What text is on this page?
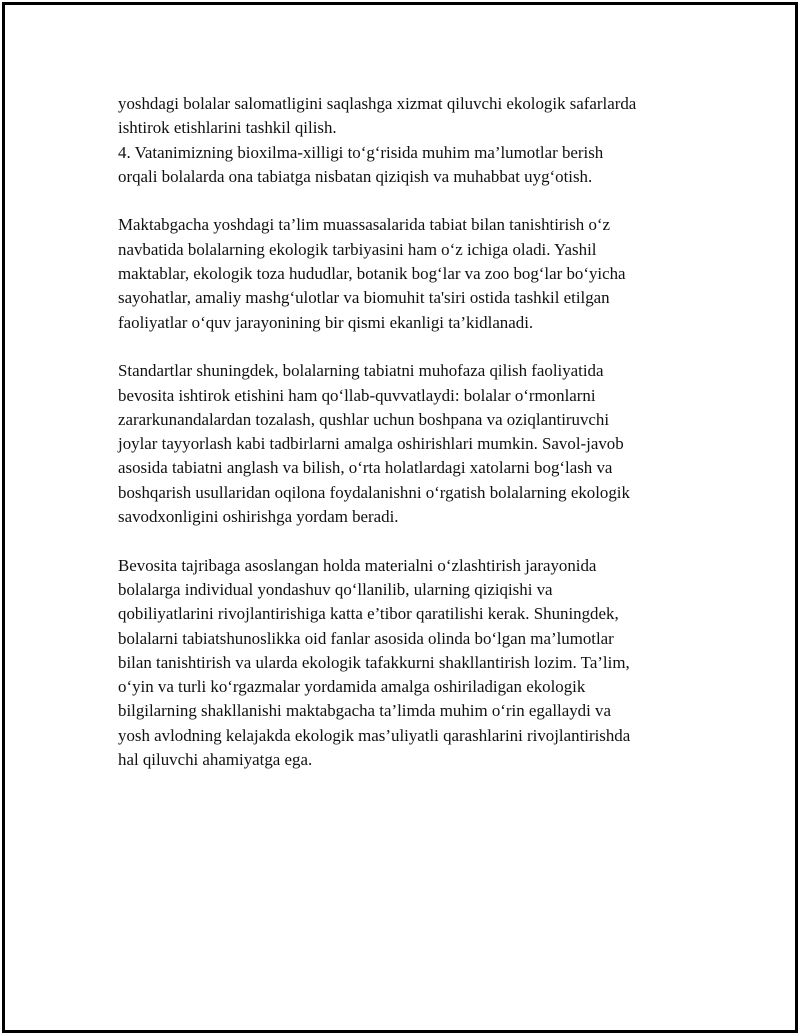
yoshdagi bolalar salomatligini saqlashga xizmat qiluvchi ekologik safarlarda
ishtirok etishlarini tashkil qilish.
4. Vatanimizning bioxilma-xilligi to‘g‘risida muhim ma’lumotlar berish
orqali bolalarda ona tabiatga nisbatan qiziqish va muhabbat uyg‘otish.
Maktabgacha yoshdagi ta’lim muassasalarida tabiat bilan tanishtirish o‘z
navbatida bolalarning ekologik tarbiyasini ham o‘z ichiga oladi. Yashil
maktablar, ekologik toza hududlar, botanik bog‘lar va zoo bog‘lar bo‘yicha
sayohatlar, amaliy mashg‘ulotlar va biomuhit ta'siri ostida tashkil etilgan
faoliyatlar o‘quv jarayonining bir qismi ekanligi ta’kidlanadi.
Standartlar shuningdek, bolalarning tabiatni muhofaza qilish faoliyatida
bevosita ishtirok etishini ham qo‘llab-quvvatlaydi: bolalar o‘rmonlarni
zararkunandalardan tozalash, qushlar uchun boshpana va oziqlantiruvchi
joylar tayyorlash kabi tadbirlarni amalga oshirishlari mumkin. Savol-javob
asosida tabiatni anglash va bilish, o‘rta holatlardagi xatolarni bog‘lash va
boshqarish usullaridan oqilona foydalanishni o‘rgatish bolalarning ekologik
savodxonligini oshirishga yordam beradi.
Bevosita tajribaga asoslangan holda materialni o‘zlashtirish jarayonida
bolalarga individual yondashuv qo‘llanilib, ularning qiziqishi va
qobiliyatlarini rivojlantirishiga katta e’tibor qaratilishi kerak. Shuningdek,
bolalarni tabiatshunoslikka oid fanlar asosida olinda bo‘lgan ma’lumotlar
bilan tanishtirish va ularda ekologik tafakkurni shakllantirish lozim. Ta’lim,
o‘yin va turli ko‘rgazmalar yordamida amalga oshiriladigan ekologik
bilgilarning shakllanishi maktabgacha ta’limda muhim o‘rin egallaydi va
yosh avlodning kelajakda ekologik mas’uliyatli qarashlarini rivojlantirishda
hal qiluvchi ahamiyatga ega.
